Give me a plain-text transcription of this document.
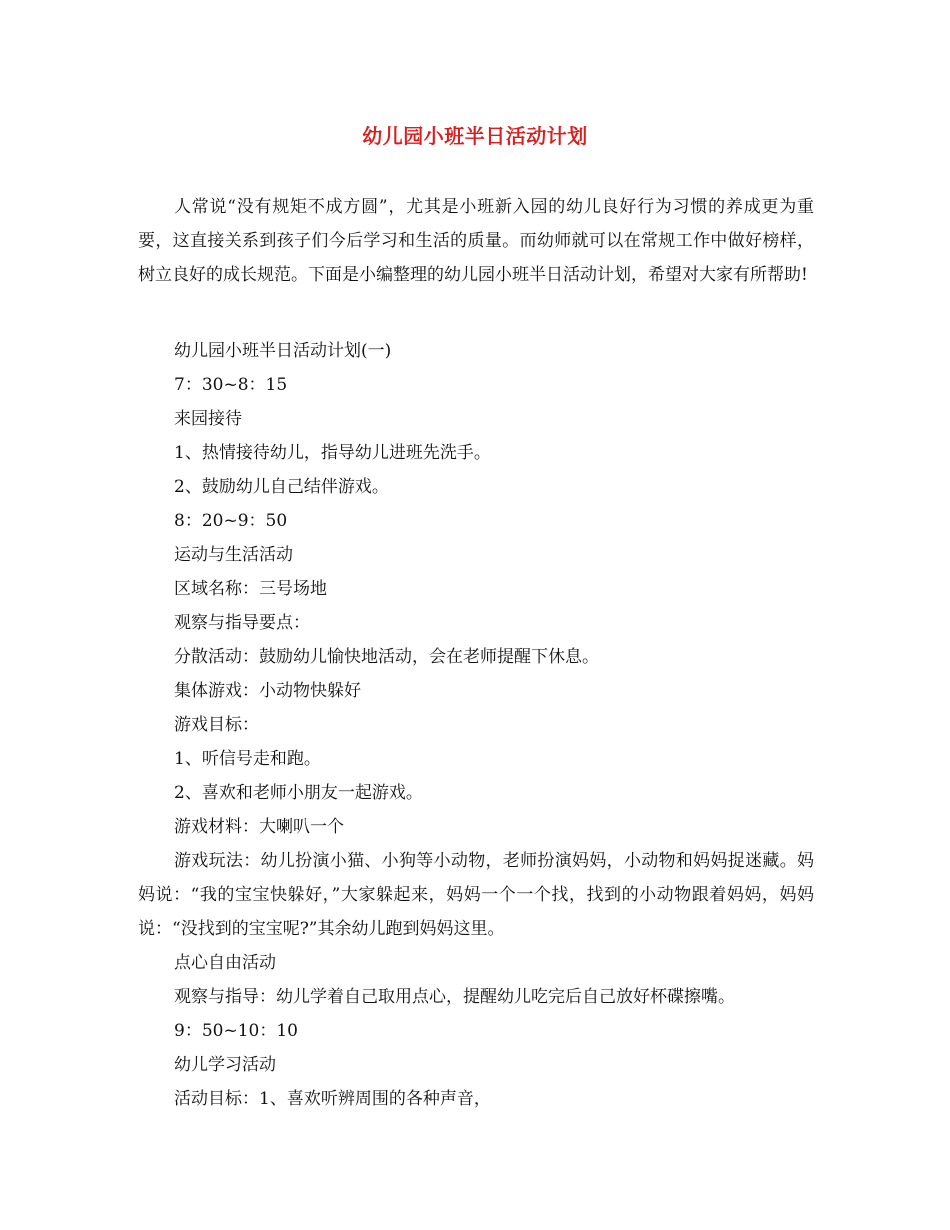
幼儿园小班半日活动计划

人常说“没有规矩不成方圆”，尤其是小班新入园的幼儿良好行为习惯的养成更为重要，这直接关系到孩子们今后学习和生活的质量。而幼师就可以在常规工作中做好榜样，树立良好的成长规范。下面是小编整理的幼儿园小班半日活动计划，希望对大家有所帮助!

幼儿园小班半日活动计划(一)

7：30~8：15

来园接待

1、热情接待幼儿，指导幼儿进班先洗手。

2、鼓励幼儿自己结伴游戏。

8：20~9：50

运动与生活活动

区域名称：三号场地

观察与指导要点：

分散活动：鼓励幼儿愉快地活动，会在老师提醒下休息。

集体游戏：小动物快躲好

游戏目标：

1、听信号走和跑。

2、喜欢和老师小朋友一起游戏。

游戏材料：大喇叭一个

游戏玩法：幼儿扮演小猫、小狗等小动物，老师扮演妈妈，小动物和妈妈捉迷藏。妈妈说：“我的宝宝快躲好，”大家躲起来，妈妈一个一个找，找到的小动物跟着妈妈，妈妈说：“没找到的宝宝呢?”其余幼儿跑到妈妈这里。

点心自由活动

观察与指导：幼儿学着自己取用点心，提醒幼儿吃完后自己放好杯碟擦嘴。

9：50~10：10

幼儿学习活动

活动目标：1、喜欢听辨周围的各种声音，
